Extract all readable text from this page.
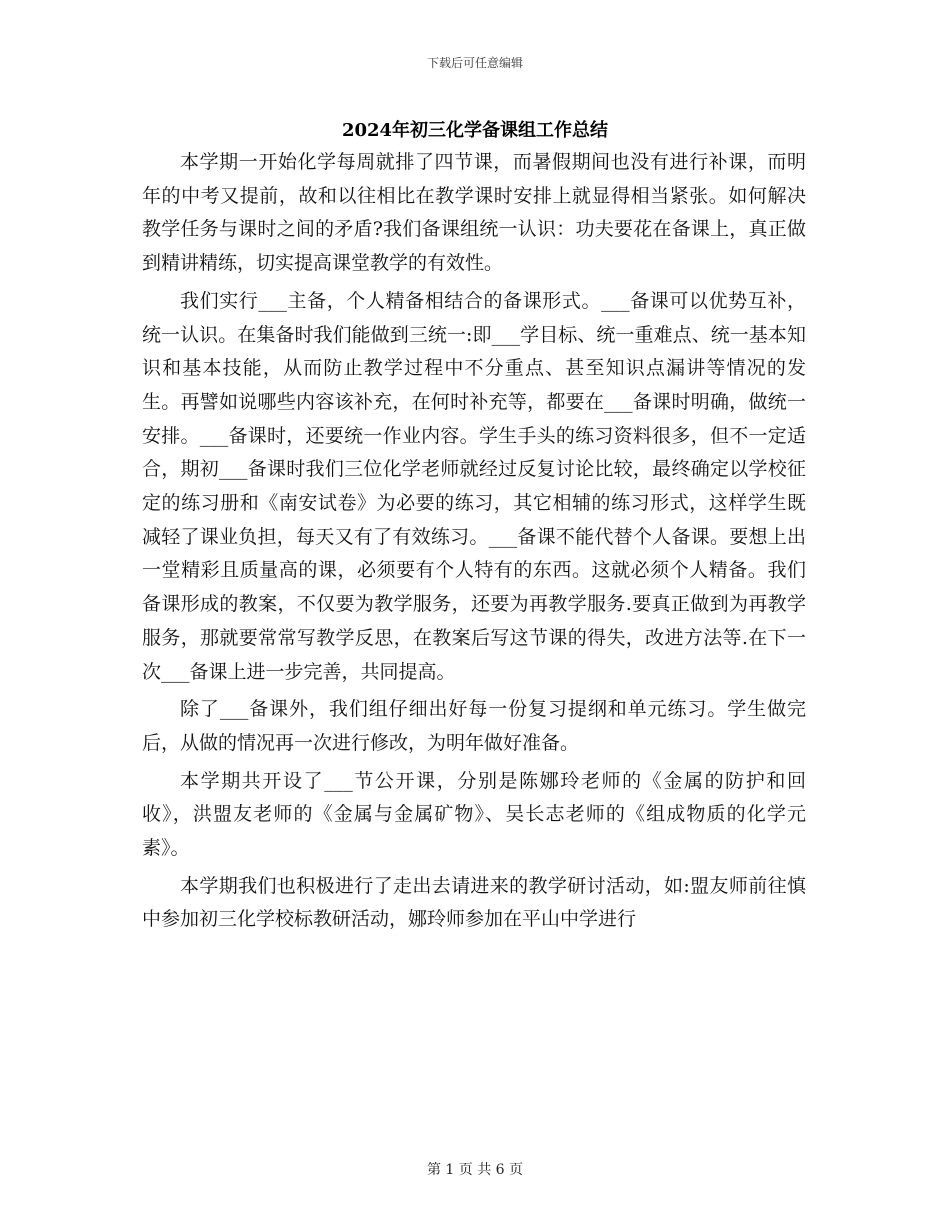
下载后可任意编辑
2024年初三化学备课组工作总结

本学期一开始化学每周就排了四节课，而暑假期间也没有进行补课，而明年的中考又提前，故和以往相比在教学课时安排上就显得相当紧张。如何解决教学任务与课时之间的矛盾?我们备课组统一认识：功夫要花在备课上，真正做到精讲精练，切实提高课堂教学的有效性。

我们实行___主备，个人精备相结合的备课形式。___备课可以优势互补，统一认识。在集备时我们能做到三统一:即___学目标、统一重难点、统一基本知识和基本技能，从而防止教学过程中不分重点、甚至知识点漏讲等情况的发生。再譬如说哪些内容该补充，在何时补充等，都要在___备课时明确，做统一安排。___备课时，还要统一作业内容。学生手头的练习资料很多，但不一定适合，期初___备课时我们三位化学老师就经过反复讨论比较，最终确定以学校征定的练习册和《南安试卷》为必要的练习，其它相辅的练习形式，这样学生既减轻了课业负担，每天又有了有效练习。___备课不能代替个人备课。要想上出一堂精彩且质量高的课，必须要有个人特有的东西。这就必须个人精备。我们备课形成的教案，不仅要为教学服务，还要为再教学服务.要真正做到为再教学服务，那就要常常写教学反思，在教案后写这节课的得失，改进方法等.在下一次___备课上进一步完善，共同提高。

除了___备课外，我们组仔细出好每一份复习提纲和单元练习。学生做完后，从做的情况再一次进行修改，为明年做好准备。

本学期共开设了___节公开课，分别是陈娜玲老师的《金属的防护和回收》，洪盟友老师的《金属与金属矿物》、吴长志老师的《组成物质的化学元素》。

本学期我们也积极进行了走出去请进来的教学研讨活动，如:盟友师前往慎中参加初三化学校标教研活动，娜玲师参加在平山中学进行

第 1 页 共 6 页
